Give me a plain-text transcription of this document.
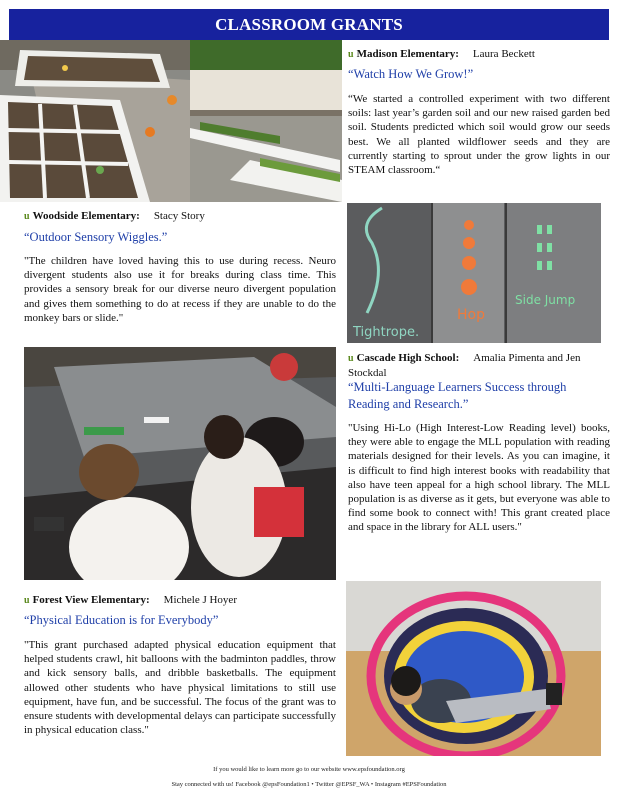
CLASSROOM GRANTS
u Madison Elementary: Laura Beckett
“Watch How We Grow!”
“We started a controlled experiment with two different soils: last year’s garden soil and our new raised garden bed soil. Students predicted which soil would grow our seeds best. We all planted wildflower seeds and they are currently starting to sprout under the grow lights in our STEAM classroom.“
u Woodside Elementary: Stacy Story
“Outdoor Sensory Wiggles.”
"The children have loved having this to use during recess. Neuro divergent students also use it for breaks during class time. This provides a sensory break for our diverse neuro divergent population and gives them something to do at recess if they are unable to do the monkey bars or slide."
Tightrope.
Hop
Side Jump
u Cascade High School: Amalia Pimenta and Jen Stockdal
“Multi-Language Learners Success through Reading and Research.”
"Using Hi-Lo (High Interest-Low Reading level) books, they were able to engage the MLL population with reading materials designed for their levels. As you can imagine, it is difficult to find high interest books with readability that also have teen appeal for a high school library. The MLL population is as diverse as it gets, but everyone was able to find some book to connect with! This grant created place and space in the library for ALL users."
u Forest View Elementary: Michele J Hoyer
“Physical Education is for Everybody”
"This grant purchased adapted physical education equipment that helped students crawl, hit balloons with the badminton paddles, throw and kick sensory balls, and dribble basketballs. The equipment allowed other students who have physical limitations to still use equipment, have fun, and be successful. The focus of the grant was to ensure students with developmental delays can participate successfully in physical education class."
If you would like to learn more go to our website www.epsfoundation.org
Stay connected with us! Facebook @epsFoundation1 • Twitter @EPSF_WA • Instagram #EPSFoundation
